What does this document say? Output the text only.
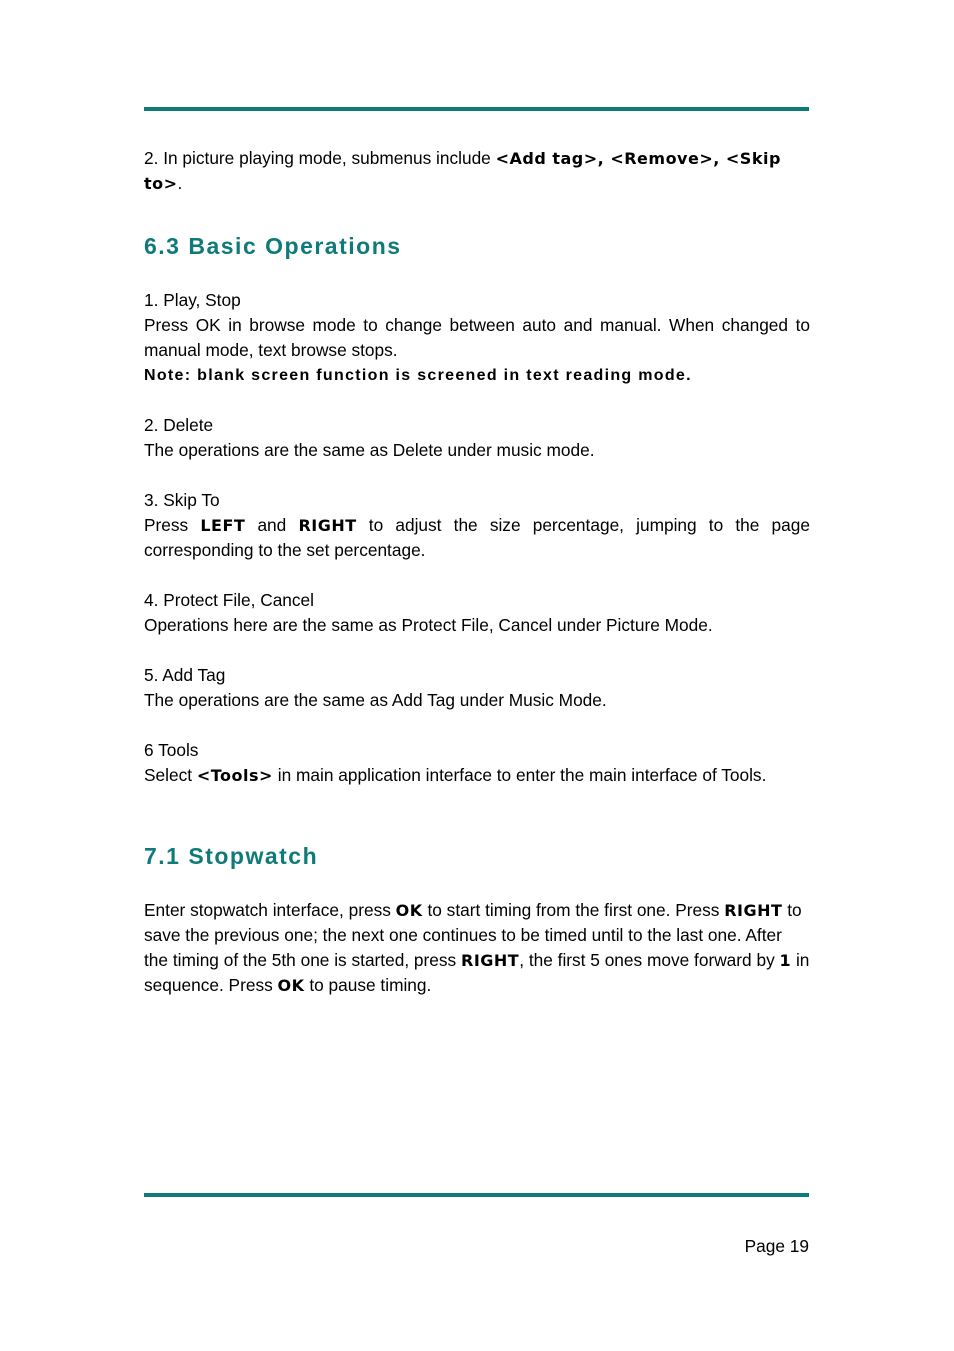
2. In picture playing mode, submenus include <Add tag>, <Remove>, <Skip to>.

6.3 Basic Operations

1. Play, Stop

Press OK in browse mode to change between auto and manual. When changed to manual mode, text browse stops.

Note: blank screen function is screened in text reading mode.

2. Delete

The operations are the same as Delete under music mode.

3. Skip To

Press LEFT and RIGHT to adjust the size percentage, jumping to the page corresponding to the set percentage.

4. Protect File, Cancel

Operations here are the same as Protect File, Cancel under Picture Mode.

5. Add Tag

The operations are the same as Add Tag under Music Mode.

6 Tools

Select <Tools> in main application interface to enter the main interface of Tools.

7.1 Stopwatch

Enter stopwatch interface, press OK to start timing from the first one. Press RIGHT to save the previous one; the next one continues to be timed until to the last one. After the timing of the 5th one is started, press RIGHT, the first 5 ones move forward by 1 in sequence. Press OK to pause timing.

Page 19
